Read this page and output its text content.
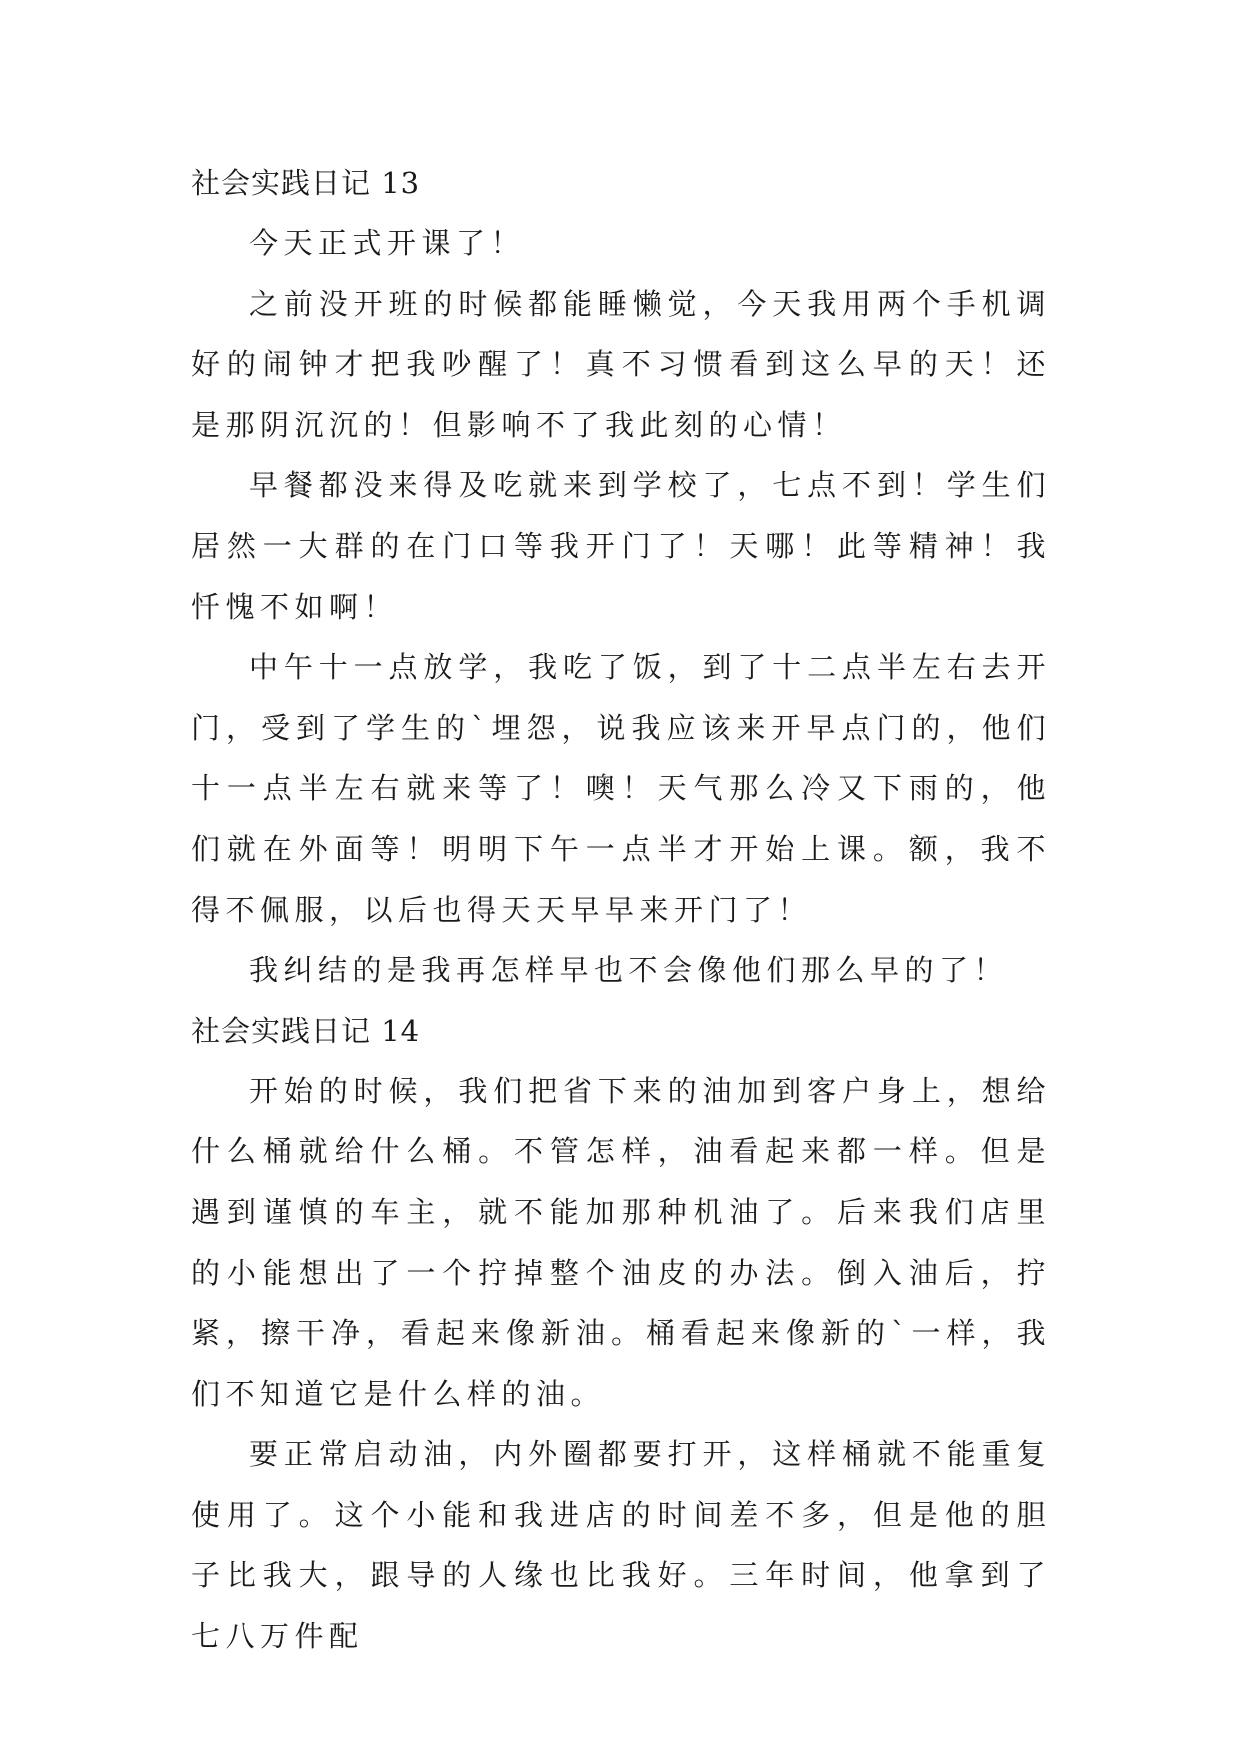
社会实践日记 13

今天正式开课了！

之前没开班的时候都能睡懒觉，今天我用两个手机调好的闹钟才把我吵醒了！真不习惯看到这么早的天！还是那阴沉沉的！但影响不了我此刻的心情！

早餐都没来得及吃就来到学校了，七点不到！学生们居然一大群的在门口等我开门了！天哪！此等精神！我忏愧不如啊！

中午十一点放学，我吃了饭，到了十二点半左右去开门，受到了学生的`埋怨，说我应该来开早点门的，他们十一点半左右就来等了！噢！天气那么冷又下雨的，他们就在外面等！明明下午一点半才开始上课。额，我不得不佩服，以后也得天天早早来开门了！

我纠结的是我再怎样早也不会像他们那么早的了！

社会实践日记 14

开始的时候，我们把省下来的油加到客户身上，想给什么桶就给什么桶。不管怎样，油看起来都一样。但是遇到谨慎的车主，就不能加那种机油了。后来我们店里的小能想出了一个拧掉整个油皮的办法。倒入油后，拧紧，擦干净，看起来像新油。桶看起来像新的`一样，我们不知道它是什么样的油。

要正常启动油，内外圈都要打开，这样桶就不能重复使用了。这个小能和我进店的时间差不多，但是他的胆子比我大，跟导的人缘也比我好。三年时间，他拿到了七八万件配
